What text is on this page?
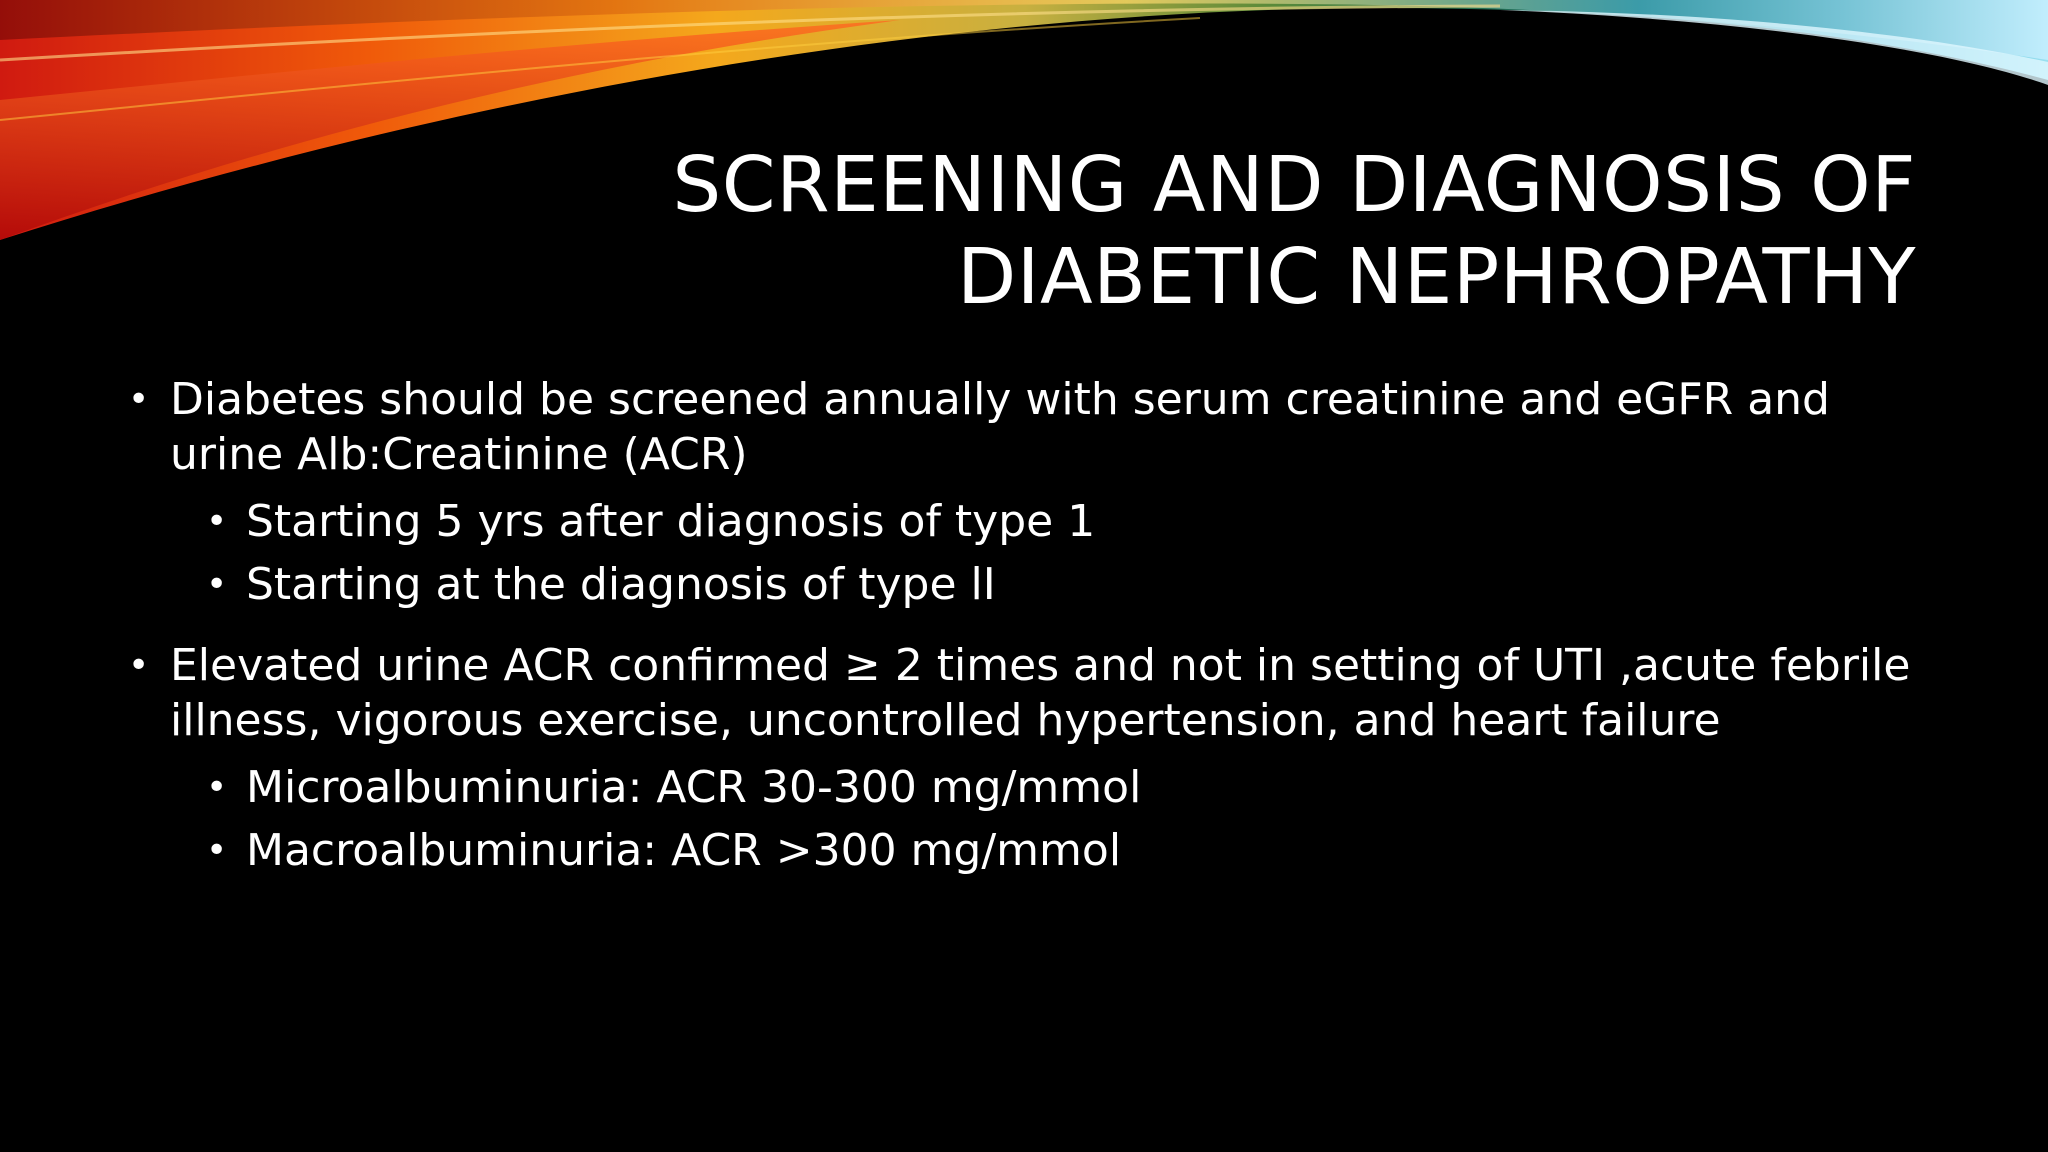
SCREENING AND DIAGNOSIS OF
DIABETIC NEPHROPATHY
• Diabetes should be screened annually with serum creatinine and eGFR and urine Alb:Creatinine (ACR)
• Starting 5 yrs after diagnosis of type 1
• Starting at the diagnosis of type lI
• Elevated urine ACR confirmed ≥ 2 times and not in setting of UTI ,acute febrile illness, vigorous exercise, uncontrolled hypertension, and heart failure
• Microalbuminuria: ACR 30-300 mg/mmol
• Macroalbuminuria: ACR >300 mg/mmol
